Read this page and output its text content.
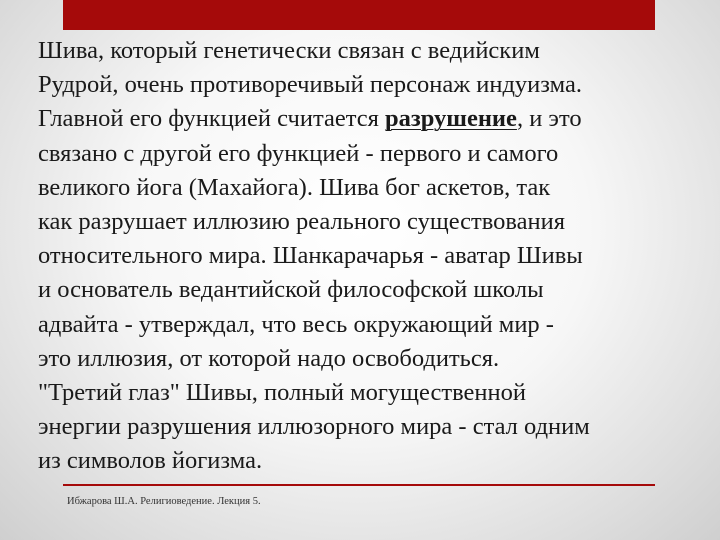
Шива, который генетически связан с ведийским
Рудрой, очень противоречивый персонаж индуизма.
Главной его функцией считается разрушение, и это
связано с другой его функцией - первого и самого
великого йога (Махайога). Шива бог аскетов, так
как разрушает иллюзию реального существования
относительного мира. Шанкарачарья - аватар Шивы
и основатель ведантийской философской школы
адвайта - утверждал, что весь окружающий мир -
это иллюзия, от которой надо освободиться.
"Третий глаз" Шивы, полный могущественной
энергии разрушения иллюзорного мира - стал одним
из символов йогизма.
Ибжарова Ш.А. Религиоведение. Лекция 5.
